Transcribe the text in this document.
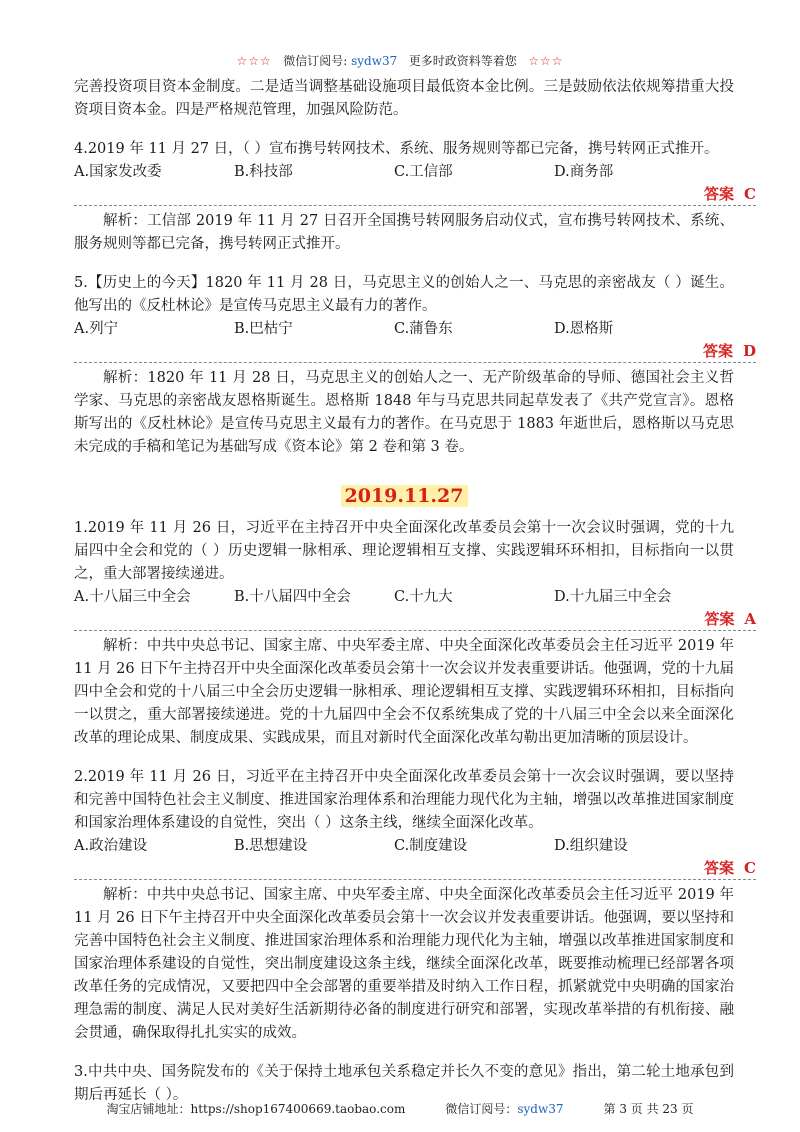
☆☆☆ 微信订阅号: sydw37 更多时政资料等着您 ☆☆☆

完善投资项目资本金制度。二是适当调整基础设施项目最低资本金比例。三是鼓励依法依规筹措重大投资项目资本金。四是严格规范管理，加强风险防范。

4.2019 年 11 月 27 日，（ ）宣布携号转网技术、系统、服务规则等都已完备，携号转网正式推开。

A.国家发改委	B.科技部	C.工信部	D.商务部
答案 C

解析：工信部 2019 年 11 月 27 日召开全国携号转网服务启动仪式，宣布携号转网技术、系统、服务规则等都已完备，携号转网正式推开。

5.【历史上的今天】1820 年 11 月 28 日，马克思主义的创始人之一、马克思的亲密战友（ ）诞生。他写出的《反杜林论》是宣传马克思主义最有力的著作。

A.列宁	B.巴枯宁	C.蒲鲁东	D.恩格斯
答案 D

解析：1820 年 11 月 28 日，马克思主义的创始人之一、无产阶级革命的导师、德国社会主义哲学家、马克思的亲密战友恩格斯诞生。恩格斯 1848 年与马克思共同起草发表了《共产党宣言》。恩格斯写出的《反杜林论》是宣传马克思主义最有力的著作。在马克思于 1883 年逝世后，恩格斯以马克思未完成的手稿和笔记为基础写成《资本论》第 2 卷和第 3 卷。

2019.11.27

1.2019 年 11 月 26 日，习近平在主持召开中央全面深化改革委员会第十一次会议时强调，党的十九届四中全会和党的（ ）历史逻辑一脉相承、理论逻辑相互支撑、实践逻辑环环相扣，目标指向一以贯之，重大部署接续递进。

A.十八届三中全会	B.十八届四中全会	C.十九大	D.十九届三中全会
答案 A

解析：中共中央总书记、国家主席、中央军委主席、中央全面深化改革委员会主任习近平 2019 年 11 月 26 日下午主持召开中央全面深化改革委员会第十一次会议并发表重要讲话。他强调，党的十九届四中全会和党的十八届三中全会历史逻辑一脉相承、理论逻辑相互支撑、实践逻辑环环相扣，目标指向一以贯之，重大部署接续递进。党的十九届四中全会不仅系统集成了党的十八届三中全会以来全面深化改革的理论成果、制度成果、实践成果，而且对新时代全面深化改革勾勒出更加清晰的顶层设计。

2.2019 年 11 月 26 日，习近平在主持召开中央全面深化改革委员会第十一次会议时强调，要以坚持和完善中国特色社会主义制度、推进国家治理体系和治理能力现代化为主轴，增强以改革推进国家制度和国家治理体系建设的自觉性，突出（ ）这条主线，继续全面深化改革。

A.政治建设	B.思想建设	C.制度建设	D.组织建设
答案 C

解析：中共中央总书记、国家主席、中央军委主席、中央全面深化改革委员会主任习近平 2019 年 11 月 26 日下午主持召开中央全面深化改革委员会第十一次会议并发表重要讲话。他强调，要以坚持和完善中国特色社会主义制度、推进国家治理体系和治理能力现代化为主轴，增强以改革推进国家制度和国家治理体系建设的自觉性，突出制度建设这条主线，继续全面深化改革，既要推动梳理已经部署各项改革任务的完成情况，又要把四中全会部署的重要举措及时纳入工作日程，抓紧就党中央明确的国家治理急需的制度、满足人民对美好生活新期待必备的制度进行研究和部署，实现改革举措的有机衔接、融会贯通，确保取得扎扎实实的成效。

3.中共中央、国务院发布的《关于保持土地承包关系稳定并长久不变的意见》指出，第二轮土地承包到期后再延长（ ）。

淘宝店铺地址：https://shop167400669.taobao.com	微信订阅号：sydw37	第 3 页 共 23 页
